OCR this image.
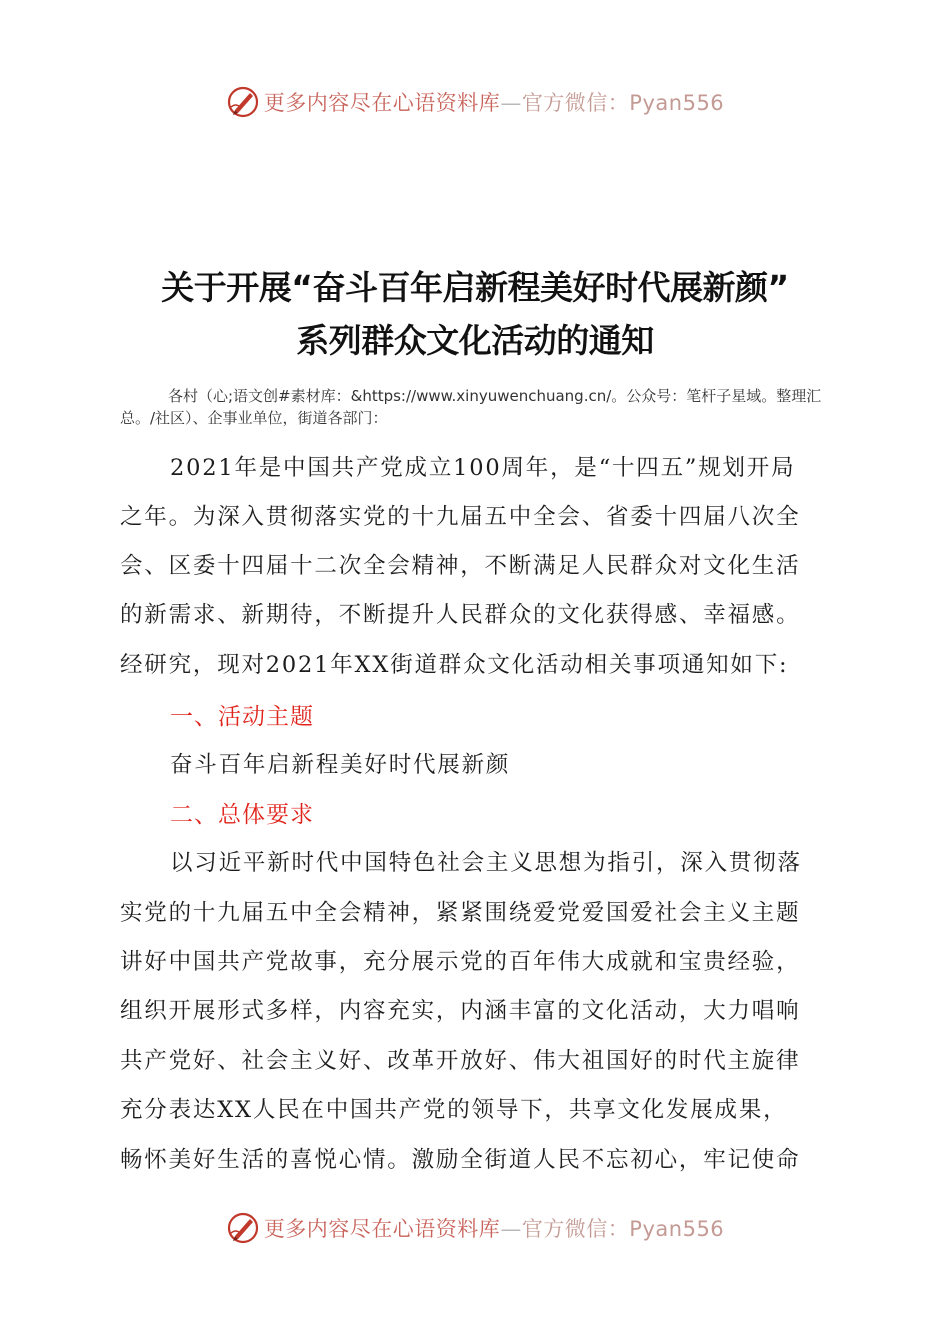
更多内容尽在心语资料库—官方微信：Pyan556
关于开展“奋斗百年启新程美好时代展新颜”
系列群众文化活动的通知
各村（心;语文创#素材库：&https://www.xinyuwenchuang.cn/。公众号：笔杆子星域。整理汇总。/社区）、企事业单位，街道各部门：
2021年是中国共产党成立100周年，是“十四五”规划开局
之年。为深入贯彻落实党的十九届五中全会、省委十四届八次全
会、区委十四届十二次全会精神，不断满足人民群众对文化生活
的新需求、新期待，不断提升人民群众的文化获得感、幸福感。
经研究，现对2021年XX街道群众文化活动相关事项通知如下:
一、活动主题
奋斗百年启新程美好时代展新颜
二、总体要求
以习近平新时代中国特色社会主义思想为指引，深入贯彻落
实党的十九届五中全会精神，紧紧围绕爱党爱国爱社会主义主题
讲好中国共产党故事，充分展示党的百年伟大成就和宝贵经验，
组织开展形式多样，内容充实，内涵丰富的文化活动，大力唱响
共产党好、社会主义好、改革开放好、伟大祖国好的时代主旋律
充分表达XX人民在中国共产党的领导下，共享文化发展成果，
畅怀美好生活的喜悦心情。激励全街道人民不忘初心，牢记使命
更多内容尽在心语资料库—官方微信：Pyan556
